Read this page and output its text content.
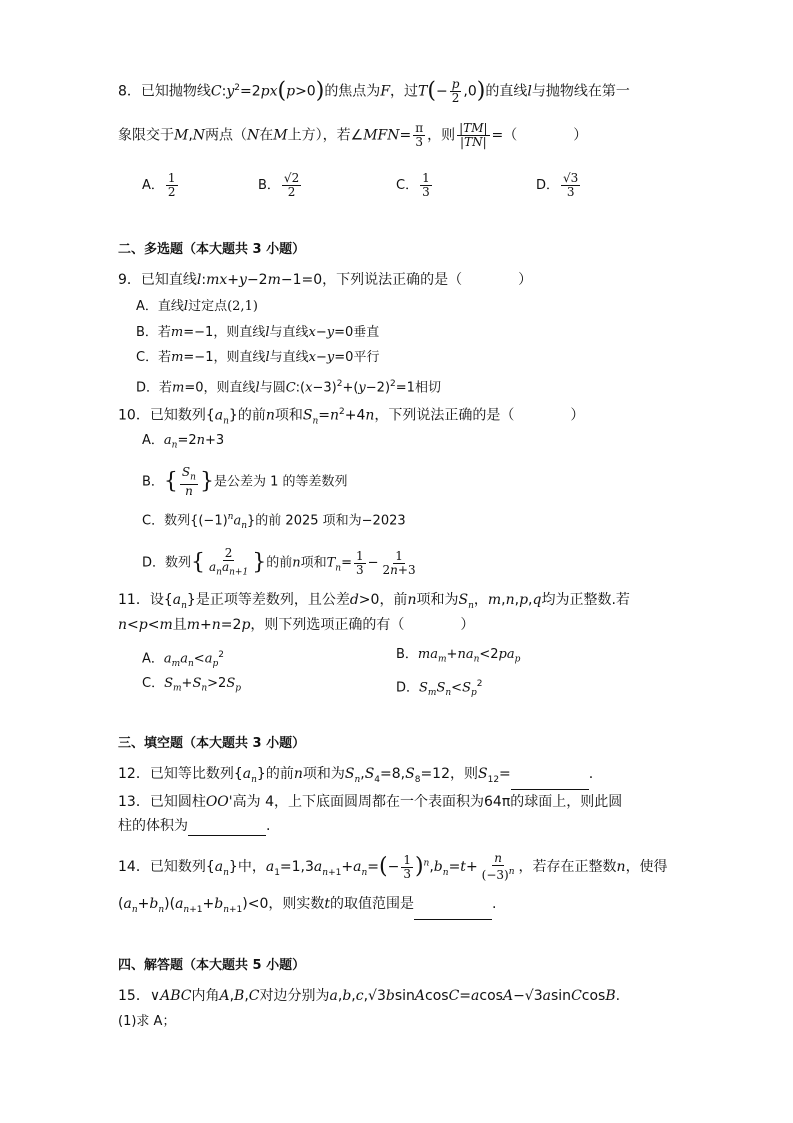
8．已知抛物线$C:y^2=2px(p>0)$的焦点为F，过$T(- \frac{p}{2} ,0)$的直线l与抛物线在第一
象限交于M,N两点（N在M上方），若∠MFN= $\frac{\pi}{3}$ ，则 $\frac{|TM|}{|TN|}$ =（　　　　）
A． $\frac{1}{2}$	B． $\frac{√2}{2}$	C． $\frac{1}{3}$	D． $\frac{√3}{3}$
二、多选题（本大题共 3 小题）
9．已知直线l:mx+y−2m−1=0，下列说法正确的是（　　　　）
A．直线l过定点(2,1)
B．若m=−1，则直线l与直线x−y=0垂直
C．若m=−1，则直线l与直线x−y=0平行
D．若m=0，则直线l与圆$C:(x-3)^2+(y-2)^2=1$相切
10．已知数列$\{a_n\}$的前n项和$S_n=n^2+4n$，下列说法正确的是（　　　　）
A．$a_n=2n+3$
B．{ $\frac{S_n}{n}$ }是公差为 1 的等差数列
C．数列$\{(-1)^na_n\}$的前 2025 项和为−2023
D．数列{ $\frac{2}{a_na_{n+1}}$ }的前n项和$T_n= \frac{1}{3} - \frac{1}{2n+3}$
11．设$\{a_n\}$是正项等差数列，且公差d>0，前n项和为$S_n$，m,n,p,q均为正整数.若
n<p<m且m+n=2p，则下列选项正确的有（　　　　）
A．$a_ma_n<a_p^2$	B．$ma_m+na_n<2pa_p$
C．$S_m+S_n>2S_p$	D．$S_mS_n<S_p^2$
三、填空题（本大题共 3 小题）
12．已知等比数列$\{a_n\}$的前n项和为$S_n,S_4=8,S_8=12$，则$S_{12}=$	.
13．已知圆柱OO'高为 4，上下底面圆周都在一个表面积为64π的球面上，则此圆
柱的体积为	.
14．已知数列$\{a_n\}$中，$a_1=1,3a_{n+1}+a_n=(- \frac{1}{3} )^n,b_n=t+ \frac{n}{(-3)^n}$ ，若存在正整数n，使得
$(a_n+b_n)(a_{n+1}+b_{n+1})<0$，则实数t的取值范围是	.
四、解答题（本大题共 5 小题）
15．∨ABC内角A,B,C对边分别为a,b,c,√3bsinAcosC=acosA−√3asinCcosB.
(1)求 A；
